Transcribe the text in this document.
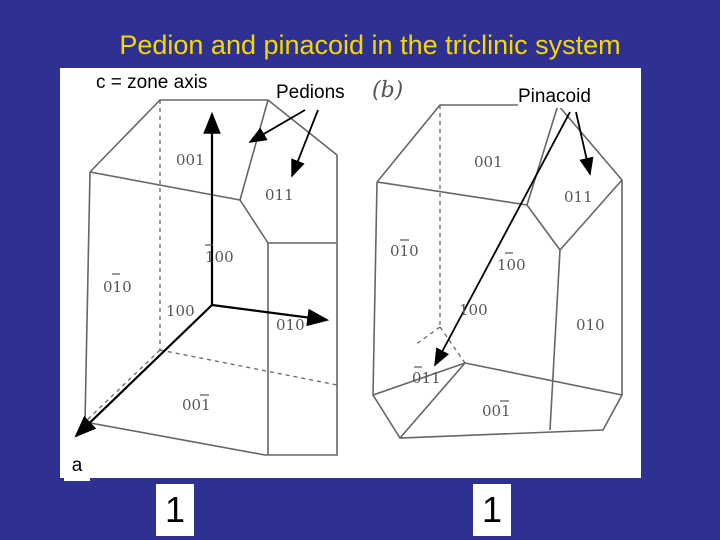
Pedion and pinacoid in the triclinic system
001
011
100
010
100
010
001
001
011
010
100
100
010
011
001
c = zone axis	Pedions (b)	Pinacoid
a
1	1
